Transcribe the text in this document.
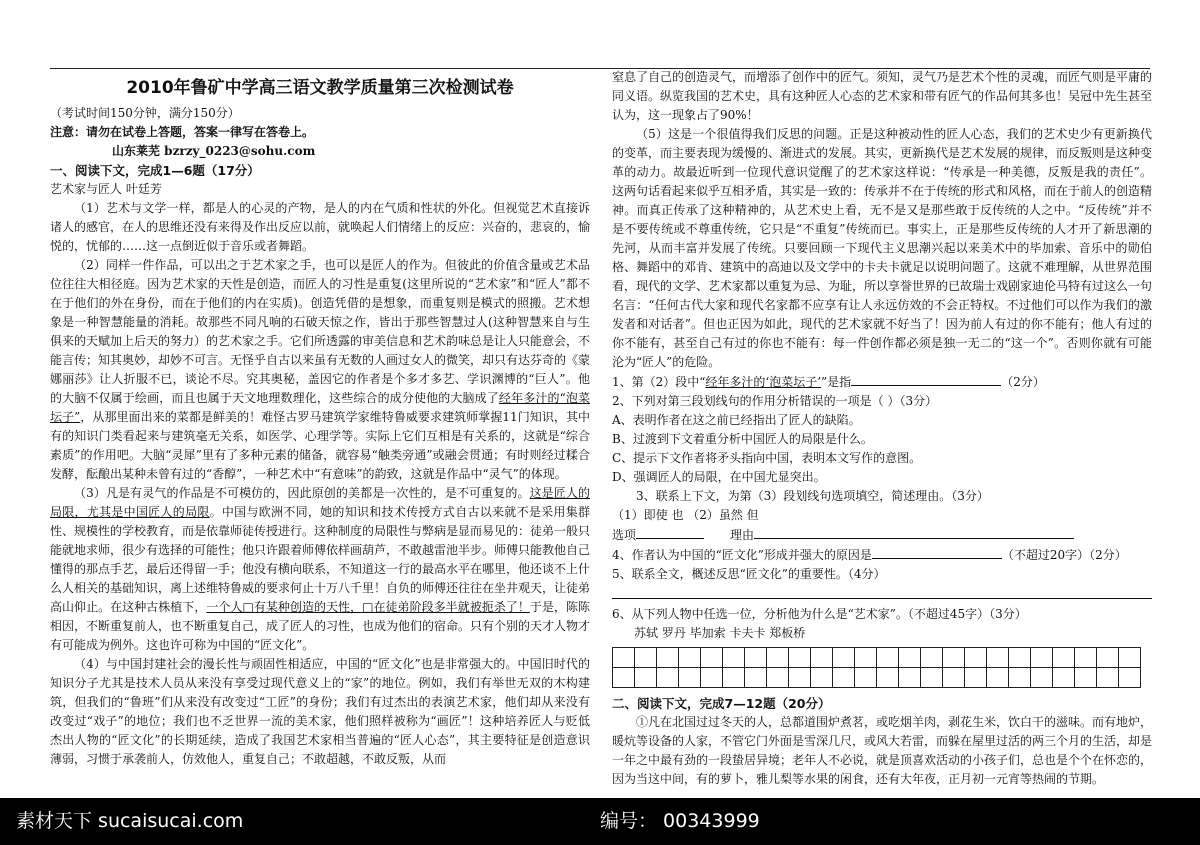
2010年鲁矿中学高三语文教学质量第三次检测试卷

（考试时间150分钟，满分150分）

注意：请勿在试卷上答题，答案一律写在答卷上。

山东莱芜 bzrzy_0223@sohu.com

一、阅读下文，完成1—6题（17分）

艺术家与匠人 叶廷芳

（1）艺术与文学一样，都是人的心灵的产物，是人的内在气质和性状的外化。但视觉艺术直接诉诸人的感官，在人的思维还没有来得及作出反应以前，就唤起人们情绪上的反应：兴奋的，悲哀的，愉悦的，忧郁的……这一点倒近似于音乐或者舞蹈。

（2）同样一件作品，可以出之于艺术家之手，也可以是匠人的作为。但彼此的价值含量或艺术品位往往大相径庭。因为艺术家的天性是创造，而匠人的习性是重复(这里所说的“艺术家”和“匠人”都不在于他们的外在身份，而在于他们的内在实质)。创造凭借的是想象，而重复则是模式的照搬。艺术想象是一种智慧能量的消耗。故那些不同凡响的石破天惊之作，皆出于那些智慧过人(这种智慧来自与生俱来的天赋加上后天的努力）的艺术家之手。它们所透露的审美信息和艺术韵味总是让人只能意会，不能言传；知其奥妙，却妙不可言。无怪乎自古以来虽有无数的人画过女人的微笑，却只有达芬奇的《蒙娜丽莎》让人折服不已，谈论不尽。究其奥秘，盖因它的作者是个多才多艺、学识渊博的“巨人”。他的大脑不仅属于绘画，而且也属于天文地理数理化，这些综合的成分使他的大脑成了经年多汁的“泡菜坛子”，从那里面出来的菜都是鲜美的！难怪古罗马建筑学家维特鲁威要求建筑师掌握11门知识，其中有的知识门类看起来与建筑毫无关系，如医学、心理学等。实际上它们互相是有关系的，这就是“综合素质”的作用吧。大脑“灵犀”里有了多种元素的储备，就容易“触类旁通”或融会贯通；有时则经过糅合发酵，酝酿出某种未曾有过的“香醇”，一种艺术中“有意味”的韵致，这就是作品中“灵气”的体现。

（3）凡是有灵气的作品是不可模仿的，因此原创的美都是一次性的，是不可重复的。这是匠人的局限，尤其是中国匠人的局限。中国与欧洲不同，她的知识和技术传授方式自古以来就不是采用集群性、规模性的学校教育，而是依靠师徒传授进行。这种制度的局限性与弊病是显而易见的：徒弟一般只能就地求师，很少有选择的可能性；他只许跟着师傅依样画葫芦，不敢越雷池半步。师傅只能教他自己懂得的那点手艺，最后还得留一手；他没有横向联系，不知道这一行的最高水平在哪里，他还谈不上什么人相关的基础知识，离上述维特鲁威的要求何止十万八千里！自负的师傅还往往在坐井观天，让徒弟高山仰止。在这种古株植下，一个人□有某种创造的天性，□在徒弟阶段多半就被扼杀了！于是，陈陈相因，不断重复前人，也不断重复自己，成了匠人的习性，也成为他们的宿命。只有个别的天才人物才有可能成为例外。这也许可称为中国的“匠文化”。

（4）与中国封建社会的漫长性与顽固性相适应，中国的“匠文化”也是非常强大的。中国旧时代的知识分子尤其是技术人员从来没有享受过现代意义上的“家”的地位。例如，我们有举世无双的木构建筑，但我们的“鲁班”们从来没有改变过“工匠”的身份；我们有过杰出的表演艺术家，他们却从来没有改变过“戏子”的地位；我们也不乏世界一流的美术家，他们照样被称为“画匠”！这种培养匠人与贬低杰出人物的“匠文化”的长期延续，造成了我国艺术家相当普遍的“匠人心态”，其主要特征是创造意识薄弱，习惯于承袭前人，仿效他人，重复自己；不敢超越，不敢反叛，从而

窒息了自己的创造灵气，而增添了创作中的匠气。须知，灵气乃是艺术个性的灵魂，而匠气则是平庸的同义语。纵览我国的艺术史，具有这种匠人心态的艺术家和带有匠气的作品何其多也！吴冠中先生甚至认为，这一现象占了90%！

（5）这是一个很值得我们反思的问题。正是这种被动性的匠人心态，我们的艺术史少有更新换代的变革，而主要表现为缓慢的、渐进式的发展。其实，更新换代是艺术发展的规律，而反叛则是这种变革的动力。故最近听到一位现代意识觉醒了的艺术家这样说：“传承是一种美德，反叛是我的责任”。这两句话看起来似乎互相矛盾，其实是一致的：传承并不在于传统的形式和风格，而在于前人的创造精神。而真正传承了这种精神的，从艺术史上看，无不是又是那些敢于反传统的人之中。“反传统”并不是不要传统或不尊重传统，它只是“不重复”传统而已。事实上，正是那些反传统的人才开了新思潮的先河，从而丰富并发展了传统。只要回顾一下现代主义思潮兴起以来美术中的毕加索、音乐中的勋伯格、舞蹈中的邓肯、建筑中的高迪以及文学中的卡夫卡就足以说明问题了。这就不难理解，从世界范围看，现代的文学、艺术家都以重复为忌、为耻，所以享誉世界的已故瑞士戏剧家迪伦马特有过这么一句名言：“任何古代大家和现代名家都不应享有让人永远仿效的不会正特权。不过他们可以作为我们的激发者和对话者”。但也正因为如此，现代的艺术家就不好当了！因为前人有过的你不能有；他人有过的你不能有，甚至自己有过的你也不能有：每一件创作都必须是独一无二的“这一个”。否则你就有可能沦为“匠人”的危险。

1、第（2）段中“经年多汁的‘泡菜坛子’”是指	（2分）

2、下列对第三段划线句的作用分析错误的一项是（ ）（3分）

A、表明作者在这之前已经指出了匠人的缺陷。

B、过渡到下文着重分析中国匠人的局限是什么。

C、提示下文作者将矛头指向中国，表明本文写作的意图。

D、强调匠人的局限，在中国尤显突出。

3、联系上下文，为第（3）段划线句选项填空，简述理由。（3分）

（1）即使 也 （2）虽然 但

选项	理由

4、作者认为中国的“匠文化”形成并强大的原因是	（不超过20字）（2分）

5、联系全文，概述反思“匠文化”的重要性。（4分）

6、从下列人物中任选一位，分析他为什么是“艺术家”。（不超过45字）（3分）

苏轼 罗丹 毕加索 卡夫卡 郑板桥

二、阅读下文，完成7—12题（20分）

①凡在北国过过冬天的人，总都道围炉煮茗，或吃烟羊肉，剥花生米，饮白干的滋味。而有地炉，暖炕等设备的人家，不管它门外面是雪深几尺，或风大若雷，而躲在屋里过活的两三个月的生活，却是一年之中最有劲的一段蛰居异境；老年人不必说，就是顶喜欢活动的小孩子们，总也是个个在怀恋的，因为当这中间，有的萝卜，雅儿梨等水果的闲食，还有大年夜，正月初一元宵等热闹的节期。

素材天下 sucaisucai.com	编号： 00343999
